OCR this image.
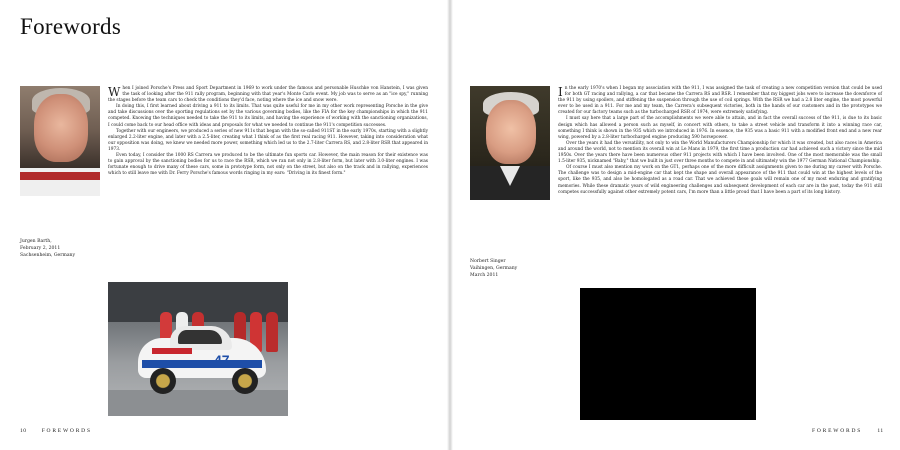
Forewords

When I joined Porsche's Press and Sport Department in 1969 to work under the famous and personable Huschke von Hanstein, I was given the task of looking after the 911 rally program, beginning with that year's Monte Carlo event. My job was to serve as an "ice spy," running the stages before the team cars to check the conditions they'd face, noting where the ice and snow were.

In doing this, I first learned about driving a 911 to its limits. That was quite useful for me in my other work representing Porsche in the give and take discussions over the sporting regulations set by the various governing bodies, like the FIA for the key championships in which the 911 competed. Knowing the techniques needed to take the 911 to its limits, and having the experience of working with the sanctioning organizations, I could come back to our head office with ideas and proposals for what we needed to continue the 911's competition successes.

Together with our engineers, we produced a series of new 911s that began with the so-called 911ST in the early 1970s, starting with a slightly enlarged 2.2-liter engine, and later with a 2.5-liter, creating what I think of as the first real racing 911. However, taking into consideration what our opposition was doing, we knew we needed more power, something which led us to the 2.7-liter Carrera RS, and 2.8-liter RSR that appeared in 1973.

Even today, I consider the 1000 RS Carrera we produced to be the ultimate fun sports car. However, the main reason for their existence was to gain approval by the sanctioning bodies for us to race the RSR, which we ran not only in 2.8-liter form, but later with 3.0-liter engines. I was fortunate enough to drive many of these cars, some in prototype form, not only on the street, but also on the track and in rallying, experiences which to still leave me with Dr. Ferry Porsche's famous words ringing in my ears: "Driving in its finest form."

Jurgen Barth,
February 2, 2011
Sachsenheim, Germany
47
10	FOREWORDS

In the early 1970's when I began my association with the 911, I was assigned the task of creating a new competition version that could be used for both GT racing and rallying, a car that became the Carrera RS and RSR. I remember that my biggest jobs were to increase the downforce of the 911 by using spoilers, and stiffening the suspension through the use of coil springs. With the RSR we had a 2.8 liter engine, the most powerful ever to be used in a 911. For me and my team, the Carrera's subsequent victories, both in the hands of our customers and in the prototypes we created for our factory teams such as the turbocharged RSR of 1974, were extremely satisfying.

I must say here that a large part of the accomplishments we were able to attain, and in fact the overall success of the 911, is due to its basic design which has allowed a person such as myself, in concert with others, to take a street vehicle and transform it into a winning race car, something I think is shown in the 935 which we introduced in 1976. In essence, the 935 was a basic 911 with a modified front end and a new rear wing, powered by a 2.8-liter turbocharged engine producing 590 horsepower.

Over the years it had the versatility, not only to win the World Manufacturers Championship for which it was created, but also races in America and around the world, not to mention its overall win at Le Mans in 1979, the first time a production car had achieved such a victory since the mid 1950s. Over the years there have been numerous other 911 projects with which I have been involved. One of the most memorable was the small 1.5-liter 935, nicknamed "Baby," that we built in just over three months to compete in and ultimately win the 1977 German National Championship.

Of course I must also mention my work on the GT1, perhaps one of the more difficult assignments given to me during my career with Porsche. The challenge was to design a mid-engine car that kept the shape and overall appearance of the 911 that could win at the highest levels of the sport, like the 935, and also be homologated as a road car. That we achieved these goals will remain one of my most enduring and gratifying memories. While these dramatic years of wild engineering challenges and subsequent development of each car are in the past, today the 911 still competes successfully against other extremely potent cars, I'm more than a little proud that I have been a part of its long history.

Norbert Singer
Vaihingen, Germany
March 2011
FOREWORDS	11
